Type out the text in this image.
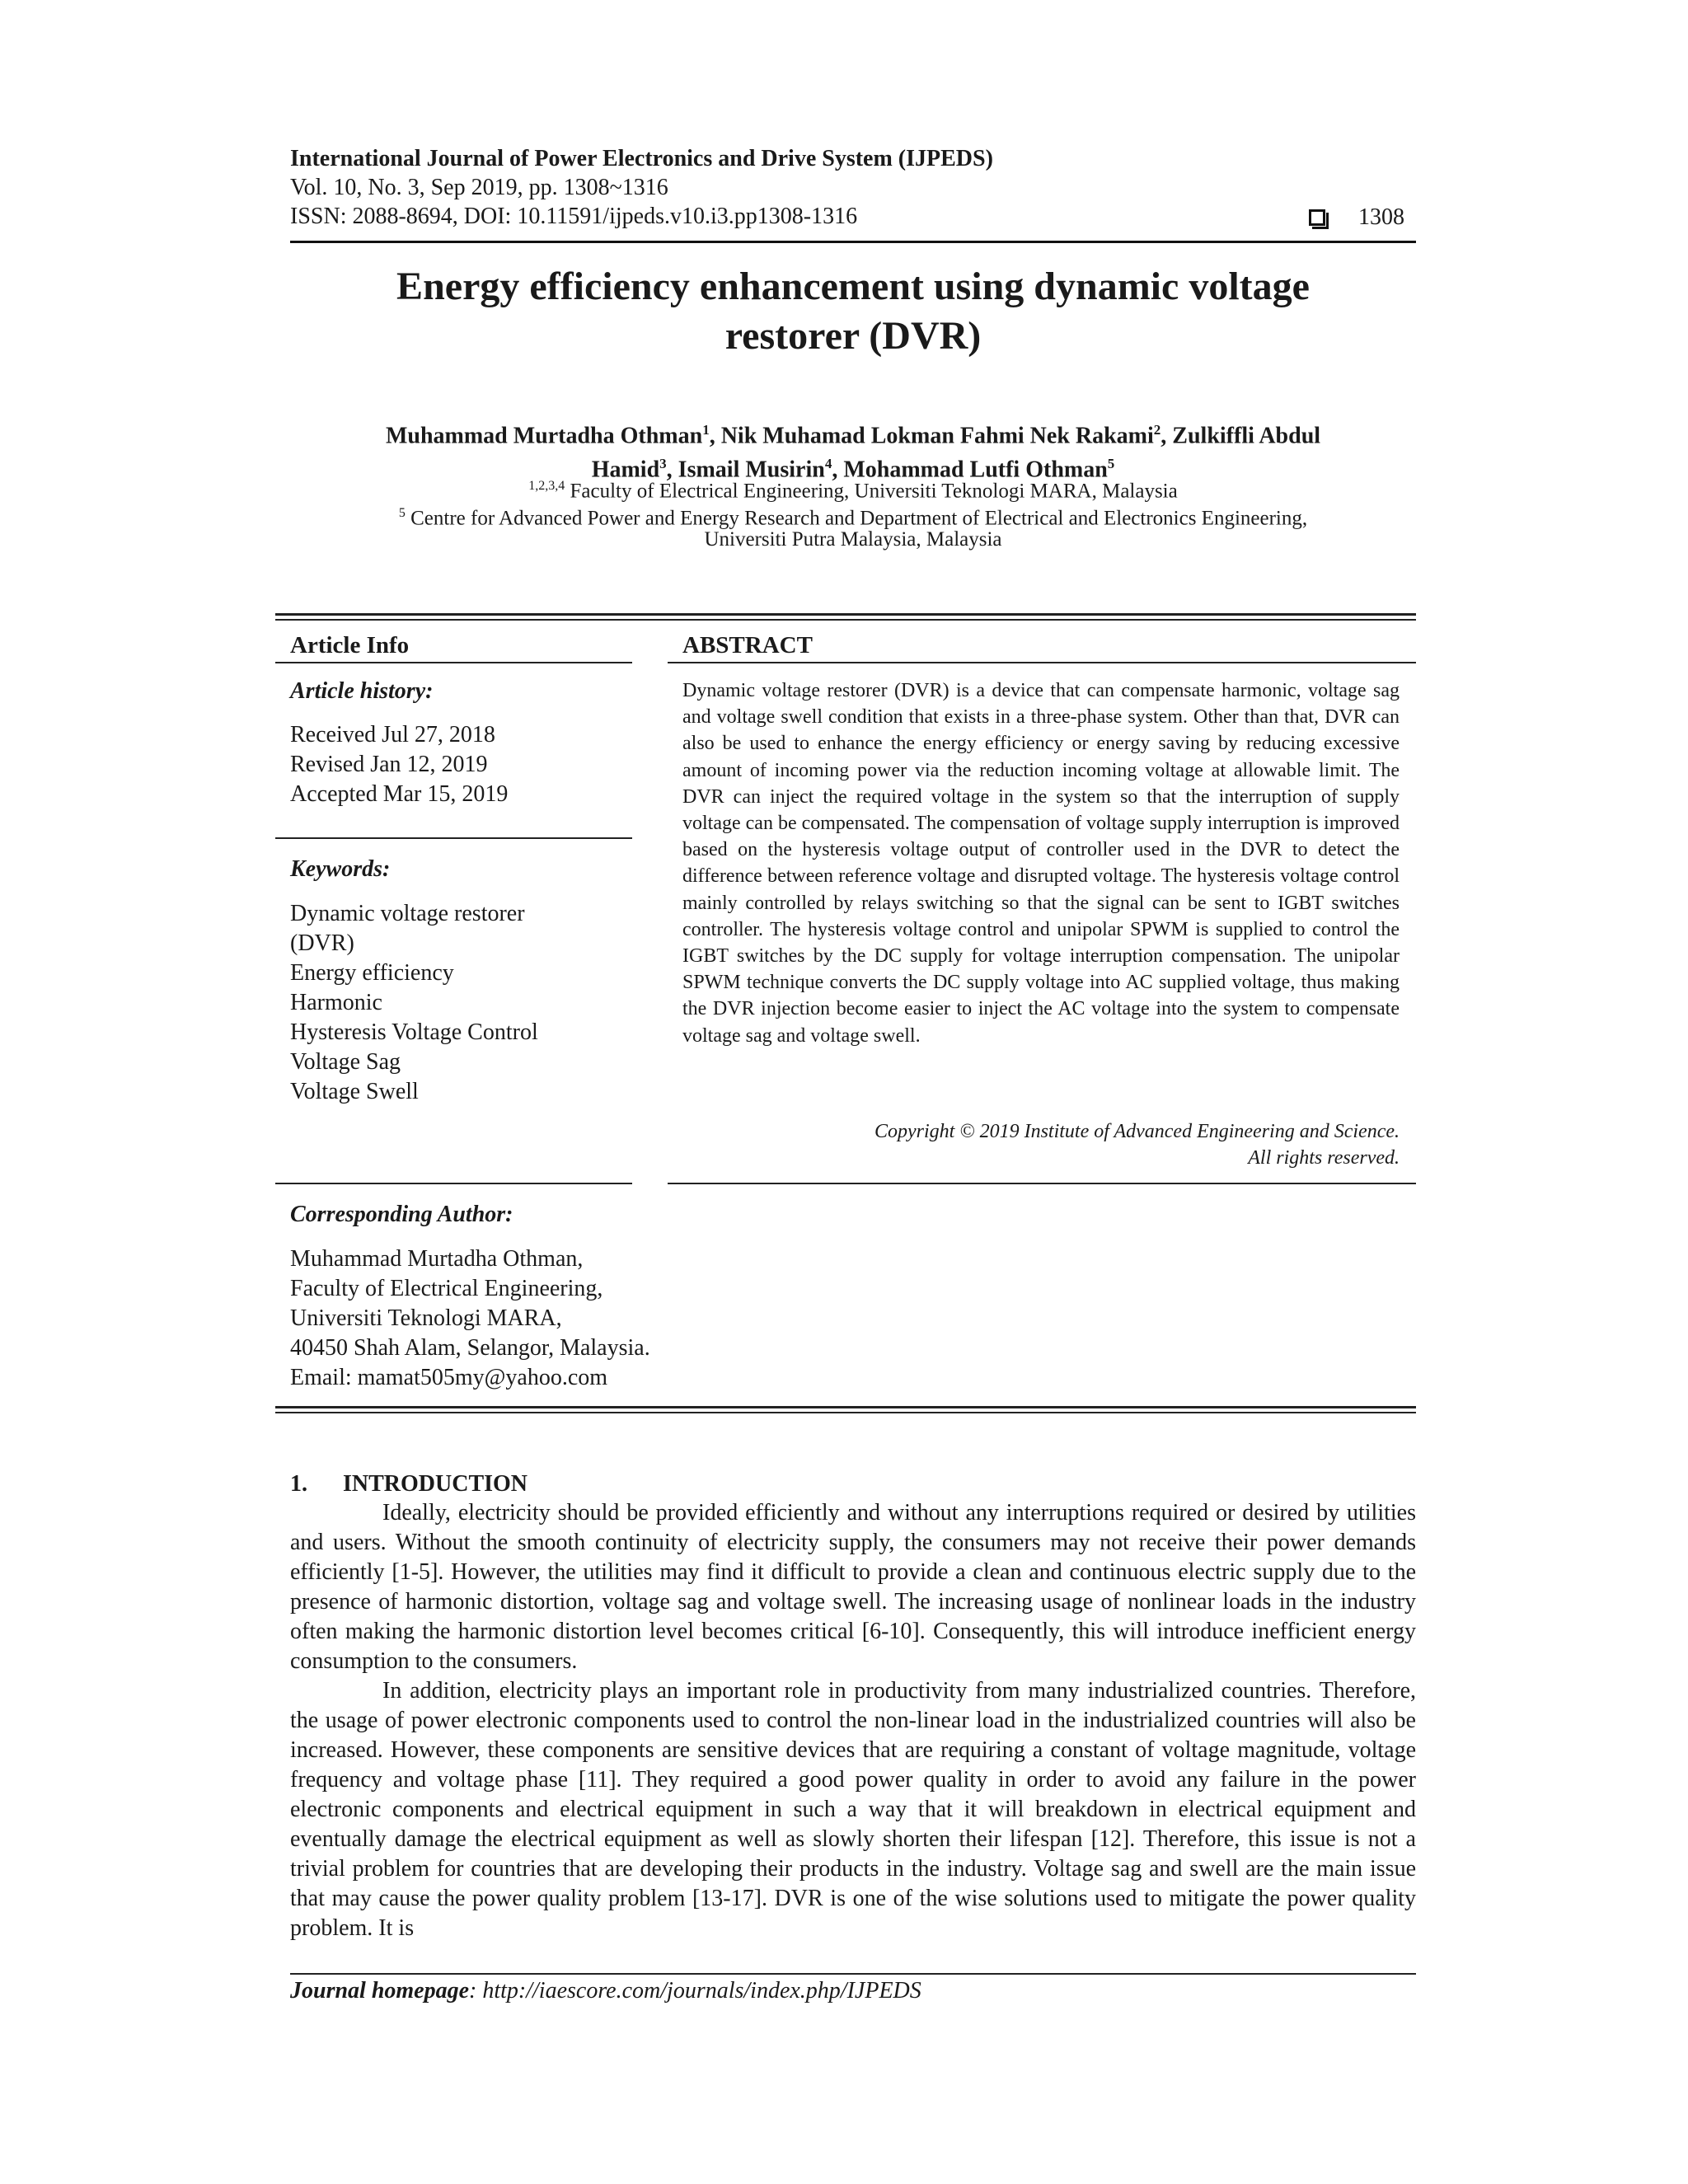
International Journal of Power Electronics and Drive System (IJPEDS)
Vol. 10, No. 3, Sep 2019, pp. 1308~1316
ISSN: 2088-8694, DOI: 10.11591/ijpeds.v10.i3.pp1308-1316	1308
Energy efficiency enhancement using dynamic voltage
restorer (DVR)
Muhammad Murtadha Othman$^1$, Nik Muhamad Lokman Fahmi Nek Rakami$^2$, Zulkiffli Abdul
Hamid$^3$, Ismail Musirin$^4$, Mohammad Lutfi Othman$^5$
$^{1,2,3,4}$ Faculty of Electrical Engineering, Universiti Teknologi MARA, Malaysia
$^5$ Centre for Advanced Power and Energy Research and Department of Electrical and Electronics Engineering,
Universiti Putra Malaysia, Malaysia
Article Info
Article history:
Received Jul 27, 2018
Revised Jan 12, 2019
Accepted Mar 15, 2019
Keywords:
Dynamic voltage restorer
(DVR)
Energy efficiency
Harmonic
Hysteresis Voltage Control
Voltage Sag
Voltage Swell
ABSTRACT
Dynamic voltage restorer (DVR) is a device that can compensate harmonic, voltage sag and voltage swell condition that exists in a three-phase system. Other than that, DVR can also be used to enhance the energy efficiency or energy saving by reducing excessive amount of incoming power via the reduction incoming voltage at allowable limit. The DVR can inject the required voltage in the system so that the interruption of supply voltage can be compensated. The compensation of voltage supply interruption is improved based on the hysteresis voltage output of controller used in the DVR to detect the difference between reference voltage and disrupted voltage. The hysteresis voltage control mainly controlled by relays switching so that the signal can be sent to IGBT switches controller. The hysteresis voltage control and unipolar SPWM is supplied to control the IGBT switches by the DC supply for voltage interruption compensation. The unipolar SPWM technique converts the DC supply voltage into AC supplied voltage, thus making the DVR injection become easier to inject the AC voltage into the system to compensate voltage sag and voltage swell.
Copyright © 2019 Institute of Advanced Engineering and Science.
All rights reserved.
Corresponding Author:
Muhammad Murtadha Othman,
Faculty of Electrical Engineering,
Universiti Teknologi MARA,
40450 Shah Alam, Selangor, Malaysia.
Email: mamat505my@yahoo.com
1. INTRODUCTION

Ideally, electricity should be provided efficiently and without any interruptions required or desired by utilities and users. Without the smooth continuity of electricity supply, the consumers may not receive their power demands efficiently [1-5]. However, the utilities may find it difficult to provide a clean and continuous electric supply due to the presence of harmonic distortion, voltage sag and voltage swell. The increasing usage of nonlinear loads in the industry often making the harmonic distortion level becomes critical [6-10]. Consequently, this will introduce inefficient energy consumption to the consumers.

In addition, electricity plays an important role in productivity from many industrialized countries. Therefore, the usage of power electronic components used to control the non-linear load in the industrialized countries will also be increased. However, these components are sensitive devices that are requiring a constant of voltage magnitude, voltage frequency and voltage phase [11]. They required a good power quality in order to avoid any failure in the power electronic components and electrical equipment in such a way that it will breakdown in electrical equipment and eventually damage the electrical equipment as well as slowly shorten their lifespan [12]. Therefore, this issue is not a trivial problem for countries that are developing their products in the industry. Voltage sag and swell are the main issue that may cause the power quality problem [13-17]. DVR is one of the wise solutions used to mitigate the power quality problem. It is

Journal homepage: http://iaescore.com/journals/index.php/IJPEDS
